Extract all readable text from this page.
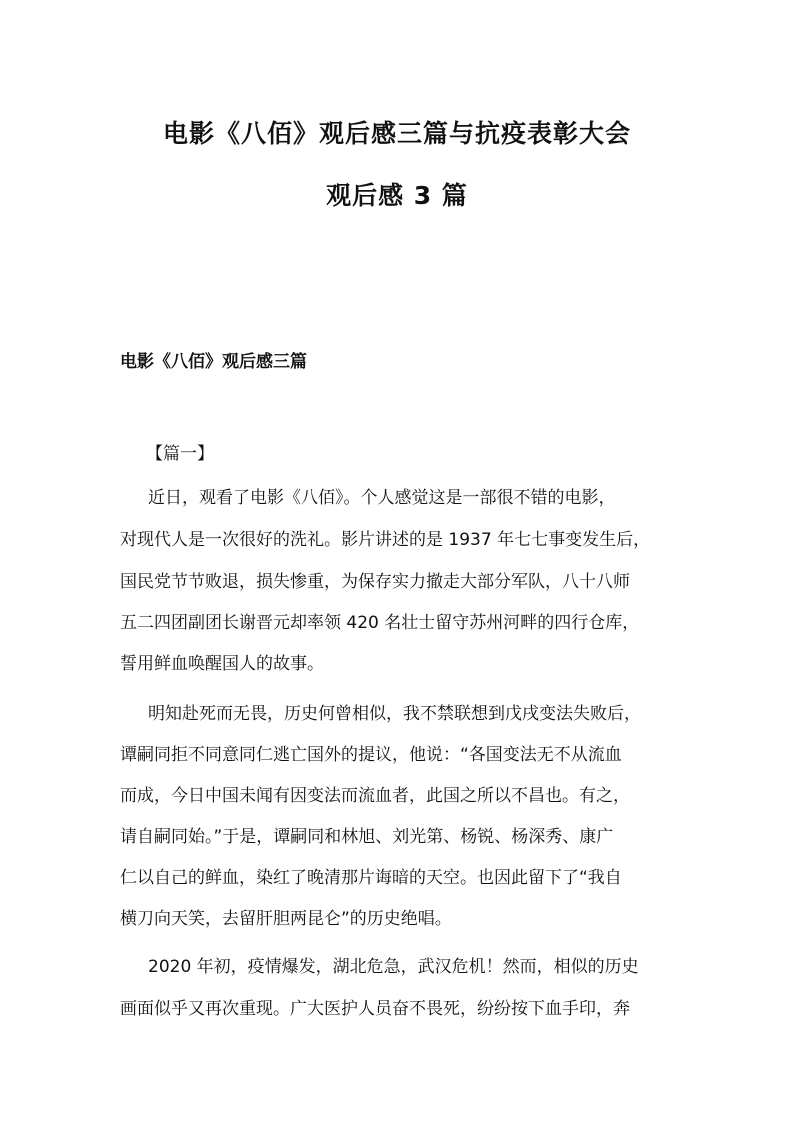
电影《八佰》观后感三篇与抗疫表彰大会
观后感 3 篇
电影《八佰》观后感三篇

【篇一】

近日，观看了电影《八佰》。个人感觉这是一部很不错的电影，

对现代人是一次很好的洗礼。影片讲述的是 1937 年七七事变发生后，

国民党节节败退，损失惨重，为保存实力撤走大部分军队，八十八师

五二四团副团长谢晋元却率领 420 名壮士留守苏州河畔的四行仓库，

誓用鲜血唤醒国人的故事。

明知赴死而无畏，历史何曾相似，我不禁联想到戊戌变法失败后，

谭嗣同拒不同意同仁逃亡国外的提议，他说：“各国变法无不从流血

而成，今日中国未闻有因变法而流血者，此国之所以不昌也。有之，

请自嗣同始。”于是，谭嗣同和林旭、刘光第、杨锐、杨深秀、康广

仁以自己的鲜血，染红了晚清那片诲暗的天空。也因此留下了“我自

横刀向天笑，去留肝胆两昆仑”的历史绝唱。

2020 年初，疫情爆发，湖北危急，武汉危机！然而，相似的历史

画面似乎又再次重现。广大医护人员奋不畏死，纷纷按下血手印，奔
